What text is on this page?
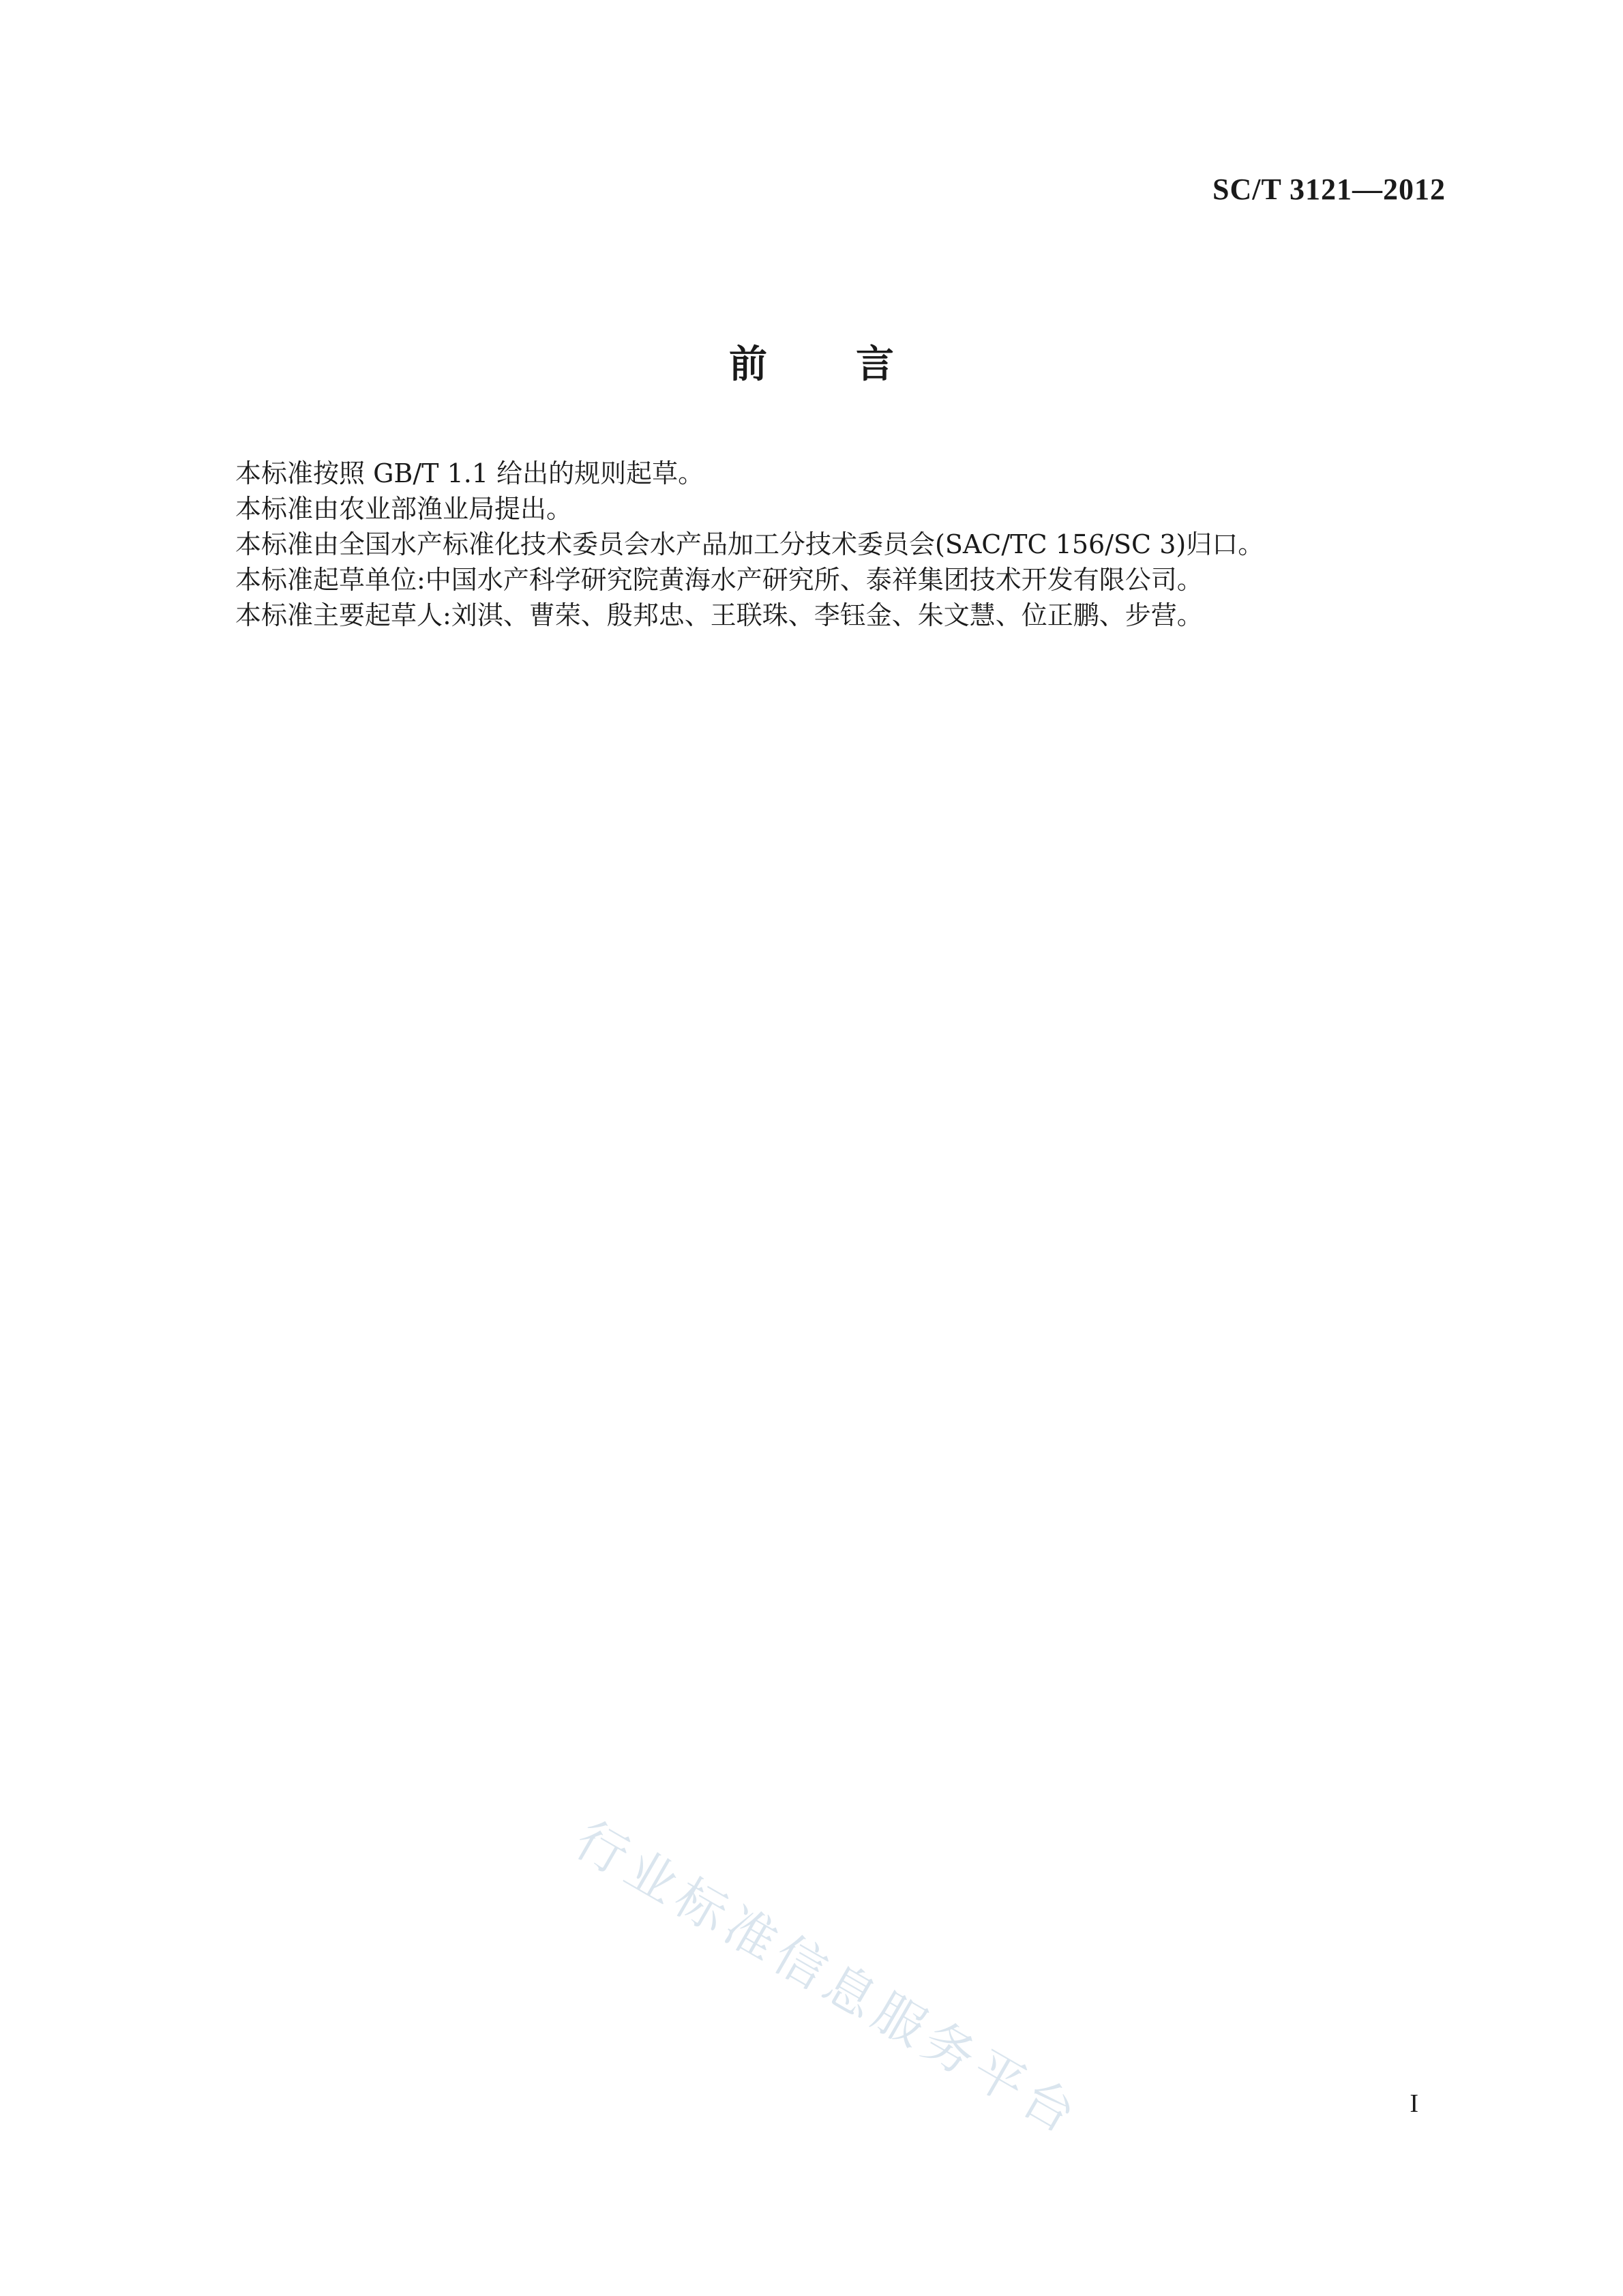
SC/T 3121—2012
前言

本标准按照 GB/T 1.1 给出的规则起草。

本标准由农业部渔业局提出。

本标准由全国水产标准化技术委员会水产品加工分技术委员会(SAC/TC 156/SC 3)归口。

本标准起草单位:中国水产科学研究院黄海水产研究所、泰祥集团技术开发有限公司。

本标准主要起草人:刘淇、曹荣、殷邦忠、王联珠、李钰金、朱文慧、位正鹏、步营。

行业标准信息服务平台	I
